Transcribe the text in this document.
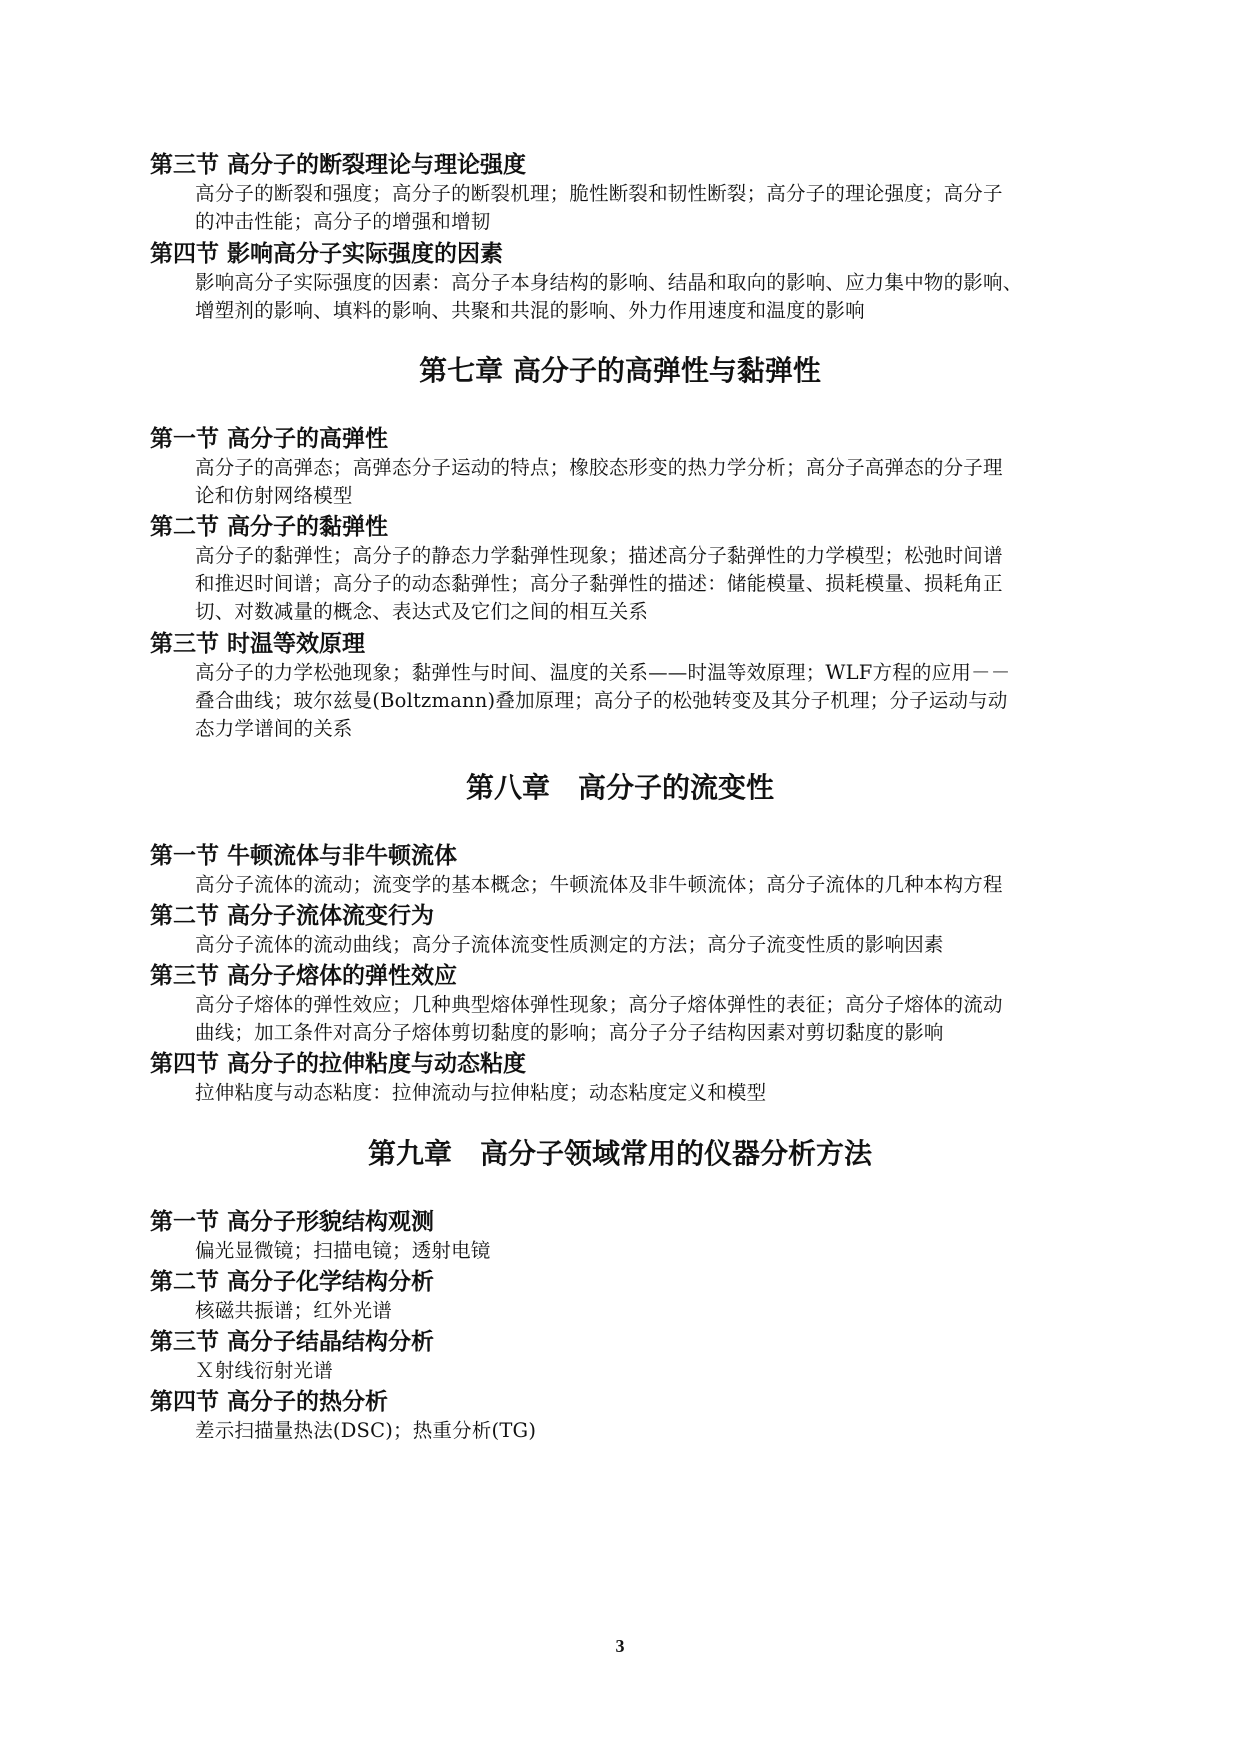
第三节 高分子的断裂理论与理论强度

高分子的断裂和强度；高分子的断裂机理；脆性断裂和韧性断裂；高分子的理论强度；高分子
的冲击性能；高分子的增强和增韧

第四节 影响高分子实际强度的因素

影响高分子实际强度的因素：高分子本身结构的影响、结晶和取向的影响、应力集中物的影响、
增塑剂的影响、填料的影响、共聚和共混的影响、外力作用速度和温度的影响

第七章 高分子的高弹性与黏弹性

第一节 高分子的高弹性

高分子的高弹态；高弹态分子运动的特点；橡胶态形变的热力学分析；高分子高弹态的分子理
论和仿射网络模型

第二节 高分子的黏弹性

高分子的黏弹性；高分子的静态力学黏弹性现象；描述高分子黏弹性的力学模型；松弛时间谱
和推迟时间谱；高分子的动态黏弹性；高分子黏弹性的描述：储能模量、损耗模量、损耗角正
切、对数减量的概念、表达式及它们之间的相互关系

第三节 时温等效原理

高分子的力学松弛现象；黏弹性与时间、温度的关系——时温等效原理；WLF方程的应用－－
叠合曲线；玻尔兹曼(Boltzmann)叠加原理；高分子的松弛转变及其分子机理；分子运动与动
态力学谱间的关系

第八章　高分子的流变性

第一节 牛顿流体与非牛顿流体

高分子流体的流动；流变学的基本概念；牛顿流体及非牛顿流体；高分子流体的几种本构方程

第二节 高分子流体流变行为

高分子流体的流动曲线；高分子流体流变性质测定的方法；高分子流变性质的影响因素

第三节 高分子熔体的弹性效应

高分子熔体的弹性效应；几种典型熔体弹性现象；高分子熔体弹性的表征；高分子熔体的流动
曲线；加工条件对高分子熔体剪切黏度的影响；高分子分子结构因素对剪切黏度的影响

第四节 高分子的拉伸粘度与动态粘度

拉伸粘度与动态粘度：拉伸流动与拉伸粘度；动态粘度定义和模型

第九章　高分子领域常用的仪器分析方法

第一节 高分子形貌结构观测

偏光显微镜；扫描电镜；透射电镜

第二节 高分子化学结构分析

核磁共振谱；红外光谱

第三节 高分子结晶结构分析

Ｘ射线衍射光谱

第四节 高分子的热分析

差示扫描量热法(DSC)；热重分析(TG)

3
